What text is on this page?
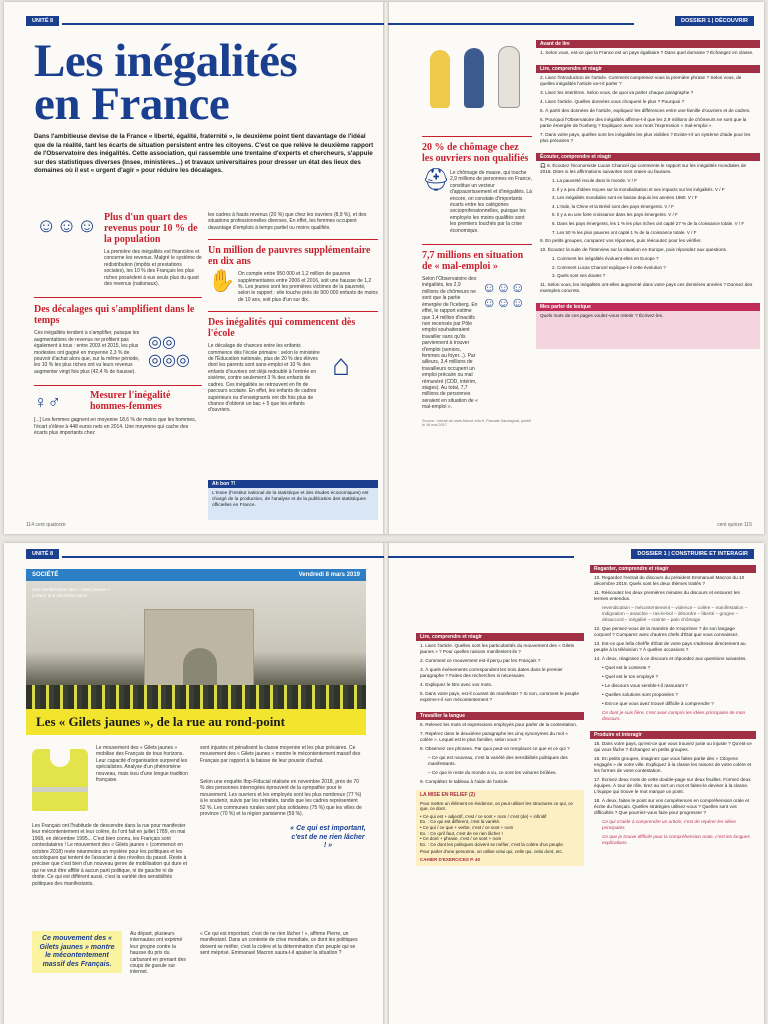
UNITÉ 8
Les inégalités
en France
Dans l'ambitieuse devise de la France « liberté, égalité, fraternité », le deuxième point tient davantage de l'idéal que de la réalité, tant les écarts de situation persistent entre les citoyens. C'est ce que relève le deuxième rapport de l'Observatoire des inégalités. Cette association, qui rassemble une trentaine d'experts et chercheurs, s'appuie sur des statistiques diverses (Insee, ministères...) et travaux universitaires pour dresser un état des lieux des domaines où il est « urgent d'agir » pour réduire les décalages.
☺☺☺ Plus d'un quart des revenus pour 10 % de la population
La première des inégalités est financière et concerne les revenus. Malgré le système de redistribution (impôts et prestations sociales), les 10 % des Français les plus riches possèdent à eux seuls plus du quart des revenus (nationaux).
Des décalages qui s'amplifient dans le temps
Ces inégalités tendent à s'amplifier, puisque les augmentations de revenus ne profitent pas également à tous : entre 2003 et 2015, les plus modestes ont gagné en moyenne 2,3 % de pouvoir d'achat alors que, sur la même période, les 10 % les plus riches ont vu leurs revenus augmenter vingt fois plus (42,4 % de hausse).
◎◎
◎◎◎
♀♂	Mesurer l'inégalité hommes-femmes
[...] Les femmes gagnent en moyenne 18,6 % de moins que les hommes, l'écart s'élève à 448 euros nets en 2014. Une moyenne qui cache des écarts plus importants chez
les cadres à hauts revenus (20 %) que chez les ouvriers (8,9 %), et des situations professionnelles diverses. En effet, les femmes occupent davantage d'emplois à temps partiel ou moins qualifiés.
Un million de pauvres supplémentaire en dix ans
✋ On compte entre 950 000 et 1,2 million de pauvres supplémentaires entre 2006 et 2016, soit une hausse de 1,2 %. Les jeunes sont les premières victimes de la pauvreté, selon le rapport : elle touche près de 900 000 enfants de moins de 10 ans, soit plus d'un sur dix.
Des inégalités qui commencent dès l'école
Le décalage de chances entre les enfants commence dès l'école primaire : selon le ministère de l'Éducation nationale, plus de 20 % des élèves dont les parents sont sans-emploi et 10 % des enfants d'ouvriers ont déjà redoublé à l'entrée en sixième, contre seulement 3 % des enfants de cadres. Ces inégalités se retrouvent en fin de parcours scolaire. En effet, les enfants de cadres supérieurs ou d'enseignants ont dix fois plus de chance d'obtenir un bac + 5 que les enfants d'ouvriers.
⌂
Ah bon ?!
L'Insee (l'Institut national de la statistique et des études économiques) est chargé de la production, de l'analyse et de la publication des statistiques officielles en France.
114 cent quatorze
DOSSIER 1 | DÉCOUVRIR
20 % de chômage chez les ouvriers non qualifiés
⛑ Le chômage de masse, qui touche 2,9 millions de personnes en France, constitue un vecteur d'appauvrissement et d'inégalités. Là encore, on constate d'importants écarts entre les catégories socioprofessionnelles, puisque les employés les moins qualifiés sont les premiers touchés par la crise économique.
7,7 millions en situation de « mal-emploi »
Selon l'Observatoire des inégalités, les 2,9 millions de chômeurs ne sont que la partie émergée de l'iceberg. En effet, le rapport estime que 1,4 million d'inactifs non recensés par Pôle emploi souhaiteraient travailler sans qu'ils parviennent à trouver d'emploi (seniors, femmes au foyer...). Par ailleurs, 3,4 millions de travailleurs occupent un emploi précaire ou mal rémunéré (CDD, intérim, stages). Au total, 7,7 millions de personnes seraient en situation de « mal-emploi ».
☺☺☺
☺☺☺
Source : extrait de www.france-info.fr, Pascale Sauvagnat, publié le 16 mai 2017
Avant de lire
1. Selon vous, est-ce que la France est un pays égalitaire ? Dans quel domaine ? Échangez en classe.
Lire, comprendre et réagir
2. Lisez l'introduction de l'article. Comment comprenez-vous la première phrase ? Selon vous, de quelles inégalités l'article va-t-il parler ?
3. Lisez les intertitres. Selon vous, de quoi va parler chaque paragraphe ?
4. Lisez l'article. Quelles données vous choquent le plus ? Pourquoi ?
5. À partir des données de l'article, expliquez les différences entre une famille d'ouvriers et de cadres.
6. Pourquoi l'Observatoire des inégalités affirme-t-il que les 2,9 millions de chômeurs ne sont que la partie émergée de l'iceberg ? Expliquez avec vos mots l'expression « mal-emploi ».
7. Dans votre pays, quelles sont les inégalités les plus visibles ? Existe-t-il un système d'aide pour les plus précaires ?
Écouter, comprendre et réagir
🎧 8. Écoutez l'économiste Lucas Chancel qui commente le rapport sur les inégalités mondiales de 2018. Dites si les affirmations suivantes sont vraies ou fausses.
1. La pauvreté recule dans le monde. V / F
2. Il y a peu d'idées reçues sur la mondialisation et ses impacts sur les inégalités. V / F
3. Les inégalités mondiales sont en baisse depuis les années 1980. V / F
4. L'Inde, la Chine et la Brésil sont des pays émergents. V / F
5. Il y a eu une forte croissance dans les pays émergents. V / F
6. Dans les pays émergents, les 1 % les plus riches ont capté 27 % de la croissance totale. V / F
7. Les 50 % les plus pauvres ont capté 1 % de la croissance totale. V / F
9. En petits groupes, comparez vos réponses, puis réécoutez pour les vérifier.
10. Écoutez la suite de l'interview sur la situation en Europe, puis répondez aux questions.
1. Comment les inégalités évoluent-elles en Europe ?
2. Comment Lucas Chancel explique-t-il cette évolution ?
3. Quels sont ses doutes ?
11. Selon vous, les inégalités ont-elles augmenté dans votre pays ces dernières années ? Donnez des exemples concrets.
Mes parler de lexique
Quels mots de ces pages voulez-vous retenir ? Écrivez-les.
cent quinze 115
UNITÉ 8
SOCIÉTÉ	Vendredi 8 mars 2019
Une manifestation des « Gilets jaunes » à Paris, le 8 décembre 2018
Les « Gilets jaunes », de la rue au rond-point
Le mouvement des « Gilets jaunes » mobilise des Français de tous horizons. Leur capacité d'organisation surprend les spécialistes. Analyse d'un phénomène nouveau, mais issu d'une longue tradition française.
Les Français ont l'habitude de descendre dans la rue pour manifester leur mécontentement et leur colère, ils l'ont fait en juillet 1789, en mai 1968, en décembre 1995... C'est bien connu, les Français sont contestataires ! Le mouvement des « Gilets jaunes » (commencé en octobre 2018) reste néanmoins un mystère pour les politiques et les sociologues qui tentent de l'associer à des révoltes du passé. Reste à préciser que c'est bien d'un nouveau genre de mobilisation qui dure et qui ne veut être affilié à aucun parti politique, ni de gauche ni de droite. Ce qui est différent aussi, c'est la variété des sensibilités politiques des manifestants.
sont injustes et pénalisent la classe moyenne et les plus précaires. Ce mouvement des « Gilets jaunes » montre le mécontentement massif des Français par rapport à la baisse de leur pouvoir d'achat.
Selon une enquête Ifop-Fiducial réalisée en novembre 2018, près de 70 % des personnes interrogées éprouvent de la sympathie pour le mouvement. Les ouvriers et les employés sont les plus nombreux (77 %) à le soutenir, suivis par les retraités, tandis que les cadres représentent 52 %. Les communes rurales sont plus solidaires (75 %) que les villes de province (70 %) et la région parisienne (59 %).
« Ce qui est important, c'est de ne rien lâcher ! »
Ce mouvement des « Gilets jaunes » montre le mécontentement massif des Français.
Au départ, plusieurs internautes ont exprimé leur grogne contre la hausse du prix du carburant en prenant des coups de gueule sur internet.
« Ce qui est important, c'est de ne rien lâcher ! », affirme Pierre, un manifestant. Dans un contexte de crise mondiale, ce dont les politiques doivent se méfier, c'est la colère et la détermination d'un peuple qui se sent méprisé. Emmanuel Macron saura-t-il apaiser la situation ?
DOSSIER 1 | CONSTRUIRE ET INTERAGIR
Lire, comprendre et réagir
1. Lisez l'article. Quelles sont les particularités du mouvement des « Gilets jaunes » ? Pour quelles raisons manifestent-ils ?
2. Comment ce mouvement est-il perçu par les Français ?
3. À quels événements correspondent les trois dates dans le premier paragraphe ? Faites des recherches si nécessaire.
4. Expliquez le titre avec vos mots.
5. Dans votre pays, est-il courant de manifester ? Si non, comment le peuple exprime-t-il son mécontentement ?
Travailler la langue
6. Relevez les mots et expressions employés pour parler de la contestation.
7. Repérez dans le deuxième paragraphe les cinq synonymes du mot « colère ». Lequel est le plus familier, selon vous ?
8. Observez ces phrases. Par quoi peut-on remplacer ce que et ce qui ?
– Ce qui est nouveau, c'est la variété des sensibilités politiques des manifestants.
– Ce que le reste du monde a vu, ce sont les voitures brûlées.
9. Complétez le tableau à l'aide de l'article.
LA MISE EN RELIEF (2)
Pour mettre un élément en évidence, on peut utiliser les structures ce qui, ce que, ce dont.
• Ce qui est + adjectif, c'est / ce sont + nom / c'est (de) + infinitif
Ex. : Ce qui est différent, c'est la variété.
• Ce qui / ce que + verbe, c'est / ce sont + nom
Ex. : Ce qu'il faut, c'est de ne rien lâcher !
• Ce dont + phrase, c'est / ce sont + nom
Ex. : Ce dont les politiques doivent se méfier, c'est la colère d'un peuple.
Pour parler d'une personne, on utilise celui qui, celle qui, celui dont, etc.
CAHIER D'EXERCICES P. 40
Regarder, comprendre et réagir
10. Regardez l'extrait du discours du président Emmanuel Macron du 10 décembre 2018. Quels sont les deux thèmes traités ?
11. Réécoutez les deux premières minutes du discours et entourez les termes entendus.
revendication – mécontentement – violence – colère – manifestation – indignation – anarchie – ras-le-bol – désordre – liberté – grogne – désaccord – inégalité – crainte – pain chômage
12. Que pensez-vous de la manière de s'exprimer ? de son langage corporel ? Comparez avec d'autres chefs d'État que vous connaissez.
13. Est-ce que le/la chef/fe d'État de votre pays s'adresse directement au peuple à la télévision ? À quelles occasions ?
14. À deux, réagissez à ce discours et répondez aux questions suivantes.
• Quel est le contexte ?
• Quel est le ton employé ?
• Le discours vous semble-t-il rassurant ?
• Quelles solutions sont proposées ?
• Est-ce que vous avez trouvé difficile à comprendre ?
Ce dont je suis fière, c'est avoir compris les idées principales de mon discours.
Produire et interagir
15. Dans votre pays, qu'est-ce que vous trouvez juste ou injuste ? Qu'est-ce qui vous fâche ? Échangez en petits groupes.
16. En petits groupes, imaginez que vous faites partie des « Citoyens engagés » de votre ville. Expliquez à la classe les raisons de votre colère et les formes de votre contestation.
17. Écrivez deux mots de cette double-page sur deux feuilles. Formez deux équipes. À tour de rôle, tirez au sort un mot et faites-le deviner à la classe. L'équipe qui trouve le mot marque un point.
18. À deux, faites le point sur vos compétences en compréhension orale et écrite du français. Quelles stratégies utilisez-vous ? Quelles sont vos difficultés ? Que pourriez-vous faire pour progresser ?
Ce qui m'aide à comprendre un article, c'est de repérer les idées principales.
Ce que je trouve difficile pour la compréhension orale, c'est les longues explications.
